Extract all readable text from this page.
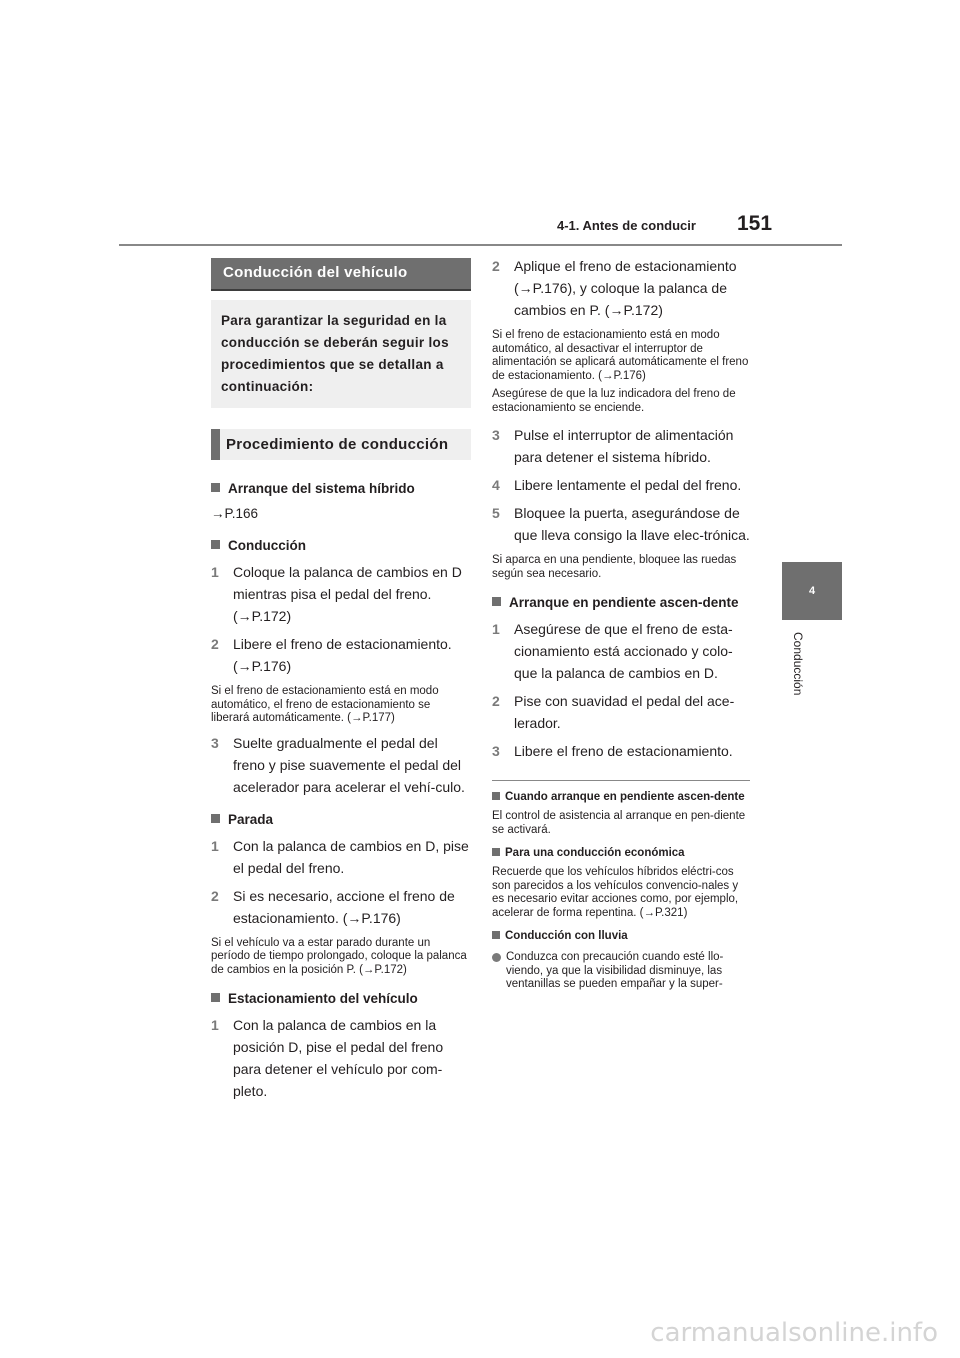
4-1. Antes de conducir 151
4
Conducción
Conducción del vehículo
Para garantizar la seguridad en la conducción se deberán seguir los procedimientos que se detallan a continuación:
Procedimiento de conducción
Arranque del sistema híbrido
→P.166
Conducción
1 Coloque la palanca de cambios en D mientras pisa el pedal del freno. (→P.172)
2 Libere el freno de estacionamiento. (→P.176)
Si el freno de estacionamiento está en modo automático, el freno de estacionamiento se liberará automáticamente. (→P.177)
3 Suelte gradualmente el pedal del freno y pise suavemente el pedal del acelerador para acelerar el vehí-culo.
Parada
1 Con la palanca de cambios en D, pise el pedal del freno.
2 Si es necesario, accione el freno de estacionamiento. (→P.176)
Si el vehículo va a estar parado durante un período de tiempo prolongado, coloque la palanca de cambios en la posición P. (→P.172)
Estacionamiento del vehículo
1 Con la palanca de cambios en la posición D, pise el pedal del freno para detener el vehículo por com-pleto.
2 Aplique el freno de estacionamiento (→P.176), y coloque la palanca de cambios en P. (→P.172)
Si el freno de estacionamiento está en modo automático, al desactivar el interruptor de alimentación se aplicará automáticamente el freno de estacionamiento. (→P.176)
Asegúrese de que la luz indicadora del freno de estacionamiento se enciende.
3 Pulse el interruptor de alimentación para detener el sistema híbrido.
4 Libere lentamente el pedal del freno.
5 Bloquee la puerta, asegurándose de que lleva consigo la llave elec-trónica.
Si aparca en una pendiente, bloquee las ruedas según sea necesario.
Arranque en pendiente ascen-dente
1 Asegúrese de que el freno de esta-cionamiento está accionado y colo-que la palanca de cambios en D.
2 Pise con suavidad el pedal del ace-lerador.
3 Libere el freno de estacionamiento.
Cuando arranque en pendiente ascen-dente
El control de asistencia al arranque en pen-diente se activará.
Para una conducción económica
Recuerde que los vehículos híbridos eléctri-cos son parecidos a los vehículos convencio-nales y es necesario evitar acciones como, por ejemplo, acelerar de forma repentina. (→P.321)
Conducción con lluvia
Conduzca con precaución cuando esté llo-viendo, ya que la visibilidad disminuye, las ventanillas se pueden empañar y la super-
carmanualsonline.info
